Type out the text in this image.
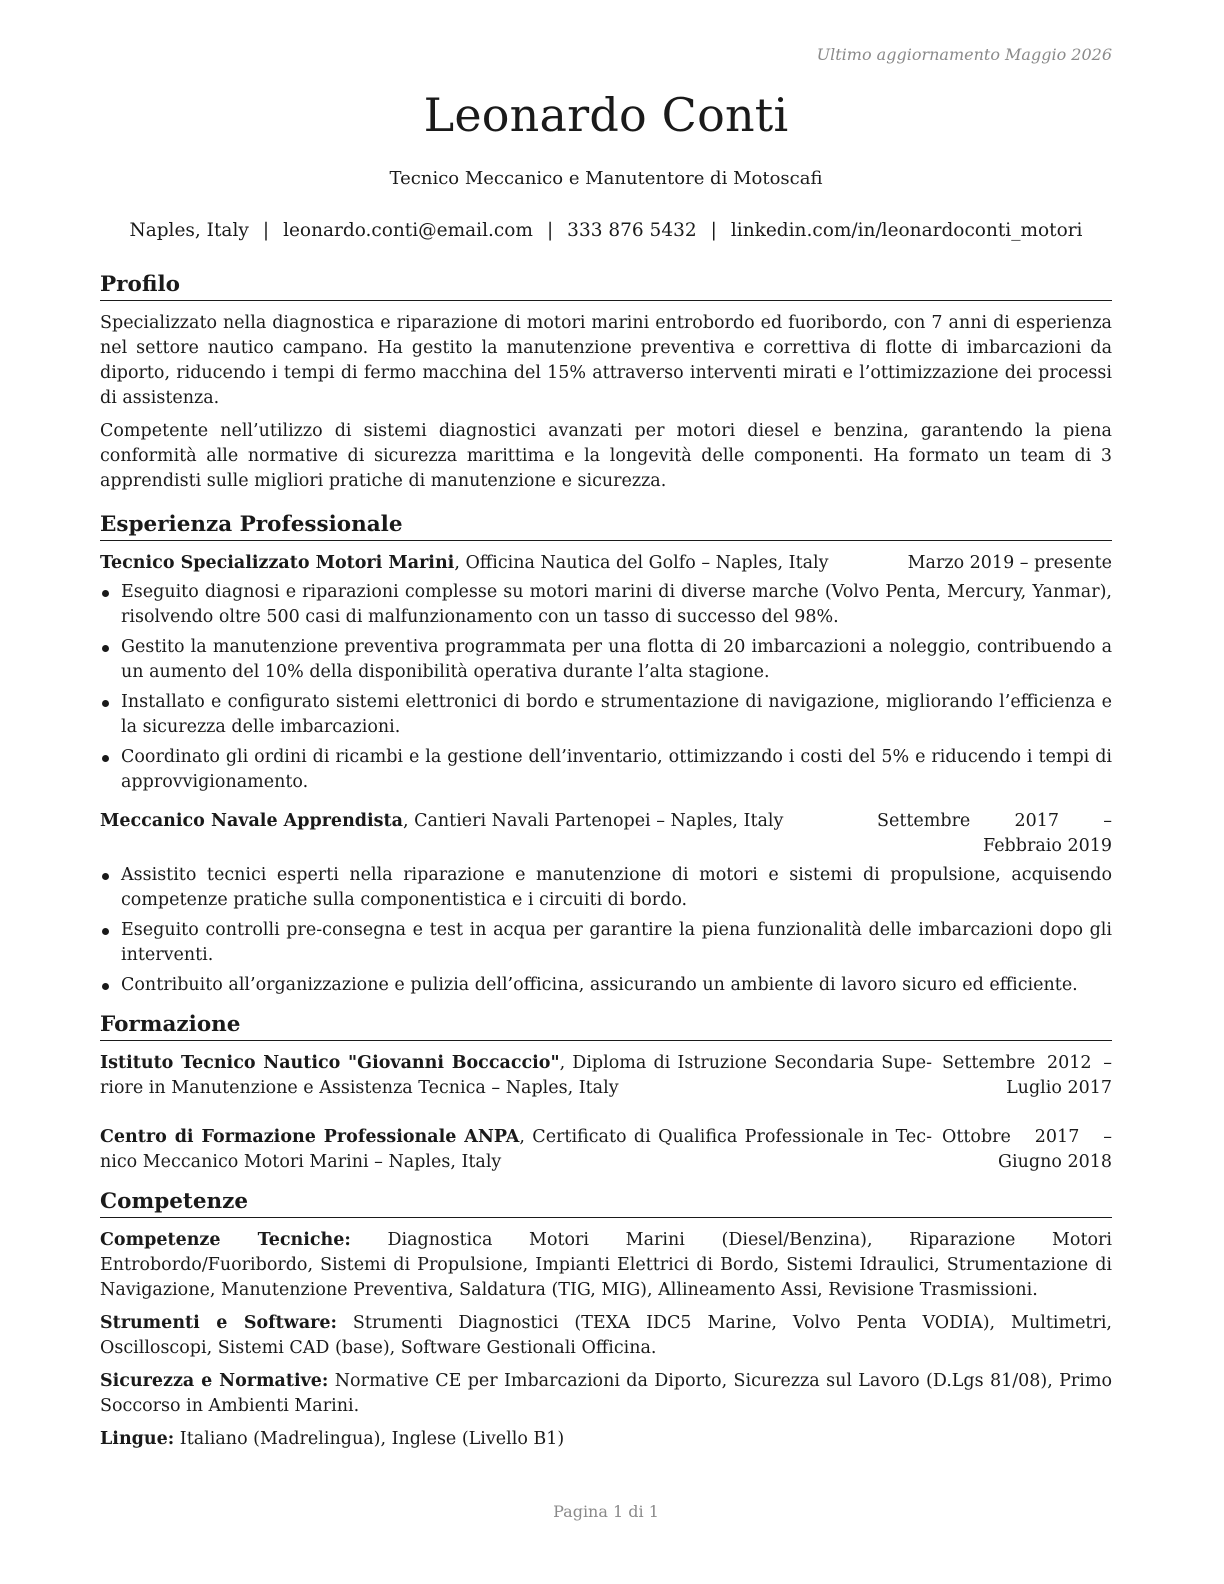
Ultimo aggiornamento Maggio 2026
Leonardo Conti
Tecnico Meccanico e Manutentore di Motoscafi
Naples, Italy | leonardo.conti@email.com | 333 876 5432 | linkedin.com/in/leonardoconti_motori
Profilo

Specializzato nella diagnostica e riparazione di motori marini entrobordo ed fuoribordo, con 7 anni di esperienza nel settore nautico campano. Ha gestito la manutenzione preventiva e correttiva di flotte di imbarcazioni da diporto, riducendo i tempi di fermo macchina del 15% attraverso interventi mirati e l’ottimizzazione dei processi di assistenza.

Competente nell’utilizzo di sistemi diagnostici avanzati per motori diesel e benzina, garantendo la piena conformità alle normative di sicurezza marittima e la longevità delle componenti. Ha formato un team di 3 apprendisti sulle migliori pratiche di manutenzione e sicurezza.

Esperienza Professionale
Tecnico Specializzato Motori Marini, Officina Nautica del Golfo – Naples, Italy	Marzo 2019 – presente
Eseguito diagnosi e riparazioni complesse su motori marini di diverse marche (Volvo Penta, Mercury, Yanmar), risolvendo oltre 500 casi di malfunzionamento con un tasso di successo del 98%.
Gestito la manutenzione preventiva programmata per una flotta di 20 imbarcazioni a noleggio, contribuendo a un aumento del 10% della disponibilità operativa durante l’alta stagione.
Installato e configurato sistemi elettronici di bordo e strumentazione di navigazione, migliorando l’efficienza e la sicurezza delle imbarcazioni.
Coordinato gli ordini di ricambi e la gestione dell’inventario, ottimizzando i costi del 5% e riducendo i tempi di approvvigionamento.
Meccanico Navale Apprendista, Cantieri Navali Partenopei – Naples, Italy	Settembre 2017 – Febbraio 2019
Assistito tecnici esperti nella riparazione e manutenzione di motori e sistemi di propulsione, acquisendo competenze pratiche sulla componentistica e i circuiti di bordo.
Eseguito controlli pre-consegna e test in acqua per garantire la piena funzionalità delle imbarcazioni dopo gli interventi.
Contribuito all’organizzazione e pulizia dell’officina, assicurando un ambiente di lavoro sicuro ed efficiente.
Formazione
Istituto Tecnico Nautico "Giovanni Boccaccio", Diploma di Istruzione Secondaria Supe-riore in Manutenzione e Assistenza Tecnica – Naples, Italy
Settembre 2012 – Luglio 2017
Centro di Formazione Professionale ANPA, Certificato di Qualifica Professionale in Tec-nico Meccanico Motori Marini – Naples, Italy
Ottobre 2017 – Giugno 2018
Competenze

Competenze Tecniche: Diagnostica Motori Marini (Diesel/Benzina), Riparazione Motori Entrobordo/Fuoribordo, Sistemi di Propulsione, Impianti Elettrici di Bordo, Sistemi Idraulici, Strumentazione di Navigazione, Manutenzione Preventiva, Saldatura (TIG, MIG), Allineamento Assi, Revisione Trasmissioni.

Strumenti e Software: Strumenti Diagnostici (TEXA IDC5 Marine, Volvo Penta VODIA), Multimetri, Oscilloscopi, Sistemi CAD (base), Software Gestionali Officina.

Sicurezza e Normative: Normative CE per Imbarcazioni da Diporto, Sicurezza sul Lavoro (D.Lgs 81/08), Primo Soccorso in Ambienti Marini.

Lingue: Italiano (Madrelingua), Inglese (Livello B1)

Pagina 1 di 1
